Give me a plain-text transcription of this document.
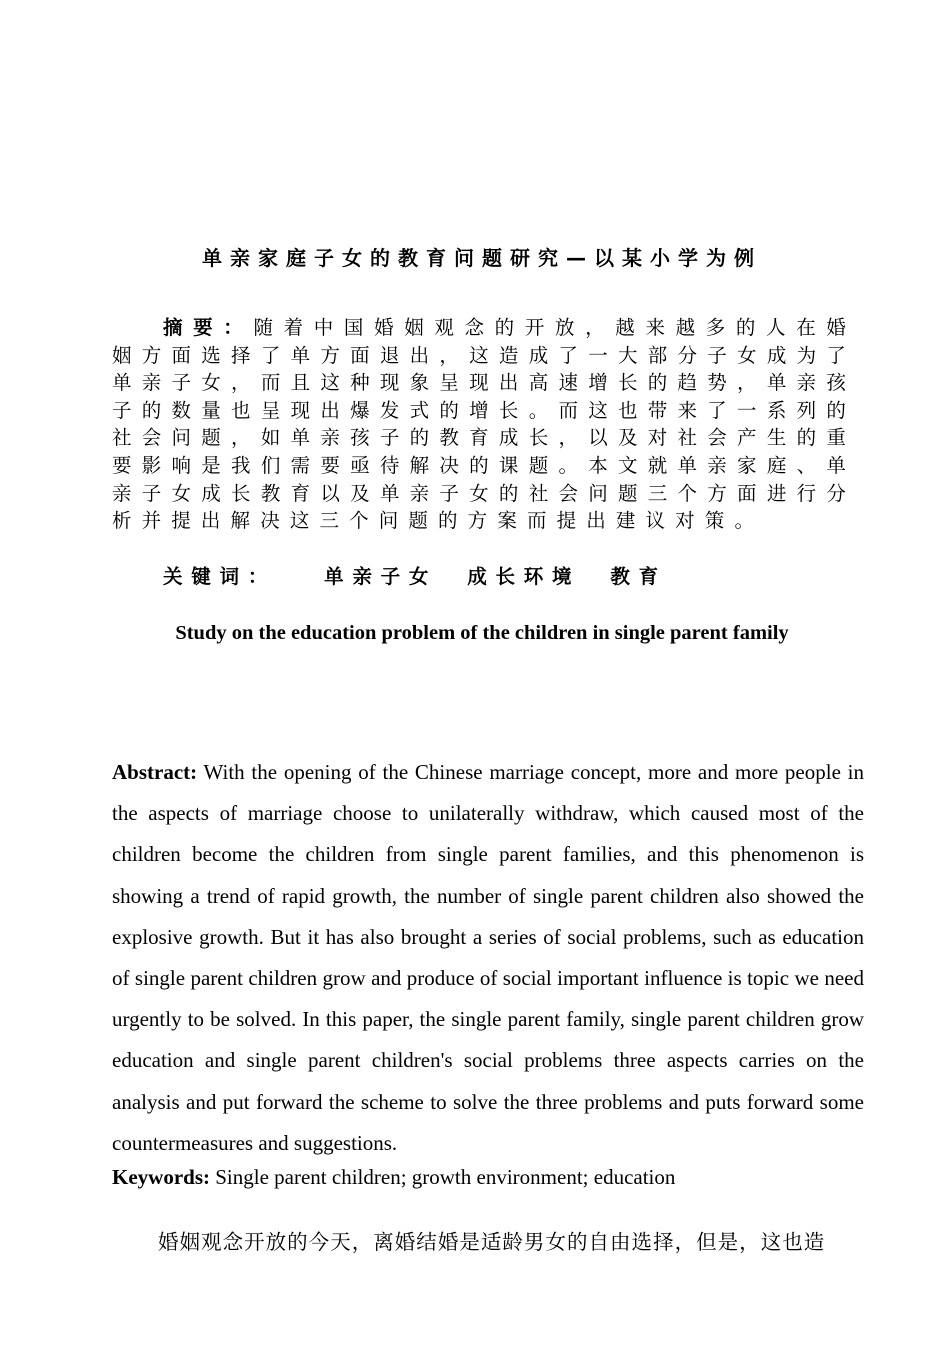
单亲家庭子女的教育问题研究—以某小学为例

摘要：随着中国婚姻观念的开放，越来越多的人在婚姻方面选择了单方面退出，这造成了一大部分子女成为了单亲子女，而且这种现象呈现出高速增长的趋势，单亲孩子的数量也呈现出爆发式的增长。而这也带来了一系列的社会问题，如单亲孩子的教育成长，以及对社会产生的重要影响是我们需要亟待解决的课题。本文就单亲家庭、单亲子女成长教育以及单亲子女的社会问题三个方面进行分析并提出解决这三个问题的方案而提出建议对策。

关键词： 单亲子女 成长环境 教育

Study on the education problem of the children in single parent family

Abstract: With the opening of the Chinese marriage concept, more and more people in the aspects of marriage choose to unilaterally withdraw, which caused most of the children become the children from single parent families, and this phenomenon is showing a trend of rapid growth, the number of single parent children also showed the explosive growth. But it has also brought a series of social problems, such as education of single parent children grow and produce of social important influence is topic we need urgently to be solved. In this paper, the single parent family, single parent children grow education and single parent children's social problems three aspects carries on the analysis and put forward the scheme to solve the three problems and puts forward some countermeasures and suggestions.

Keywords: Single parent children; growth environment; education

婚姻观念开放的今天，离婚结婚是适龄男女的自由选择，但是，这也造
